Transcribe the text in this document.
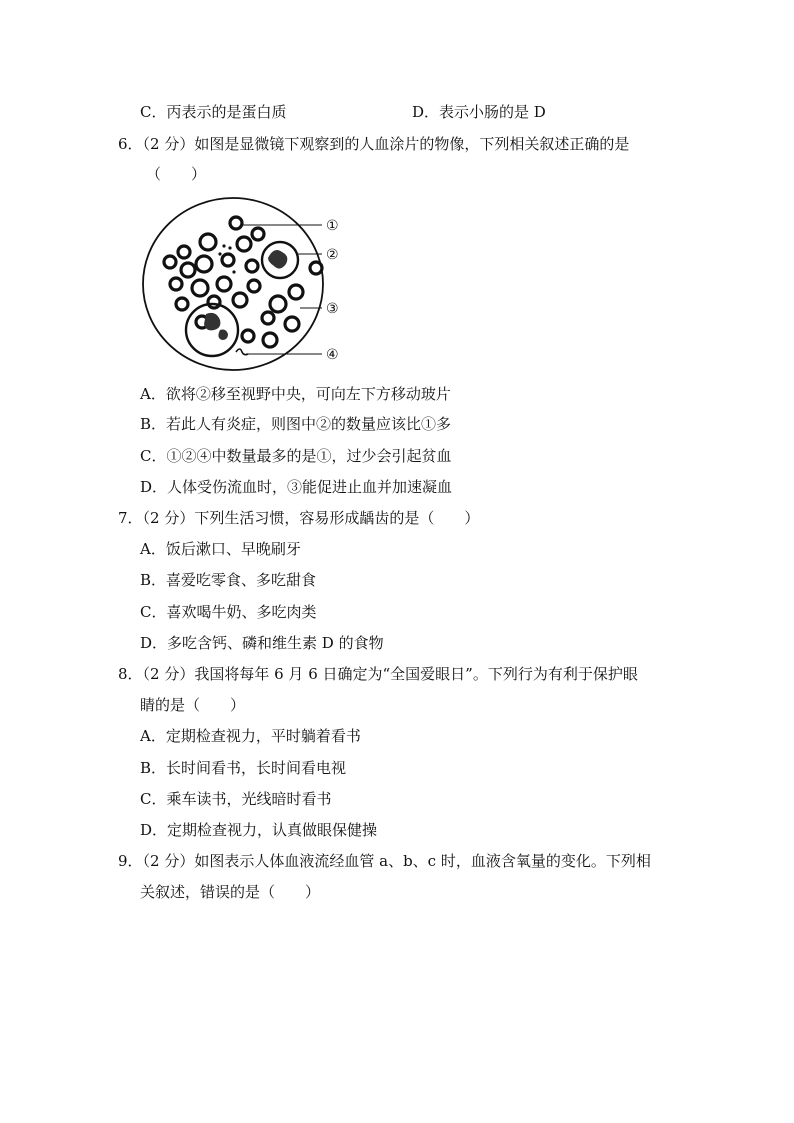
C．丙表示的是蛋白质	D．表示小肠的是 D
6．（2 分）如图是显微镜下观察到的人血涂片的物像，下列相关叙述正确的是
（　　）
①
②
③
④
A．欲将②移至视野中央，可向左下方移动玻片
B．若此人有炎症，则图中②的数量应该比①多
C．①②④中数量最多的是①，过少会引起贫血
D．人体受伤流血时，③能促进止血并加速凝血
7．（2 分）下列生活习惯，容易形成龋齿的是（　　）
A．饭后漱口、早晚刷牙
B．喜爱吃零食、多吃甜食
C．喜欢喝牛奶、多吃肉类
D．多吃含钙、磷和维生素 D 的食物
8．（2 分）我国将每年 6 月 6 日确定为“全国爱眼日”。下列行为有利于保护眼
睛的是（　　）
A．定期检查视力，平时躺着看书
B．长时间看书，长时间看电视
C．乘车读书，光线暗时看书
D．定期检查视力，认真做眼保健操
9．（2 分）如图表示人体血液流经血管 a、b、c 时，血液含氧量的变化。下列相
关叙述，错误的是（　　）
